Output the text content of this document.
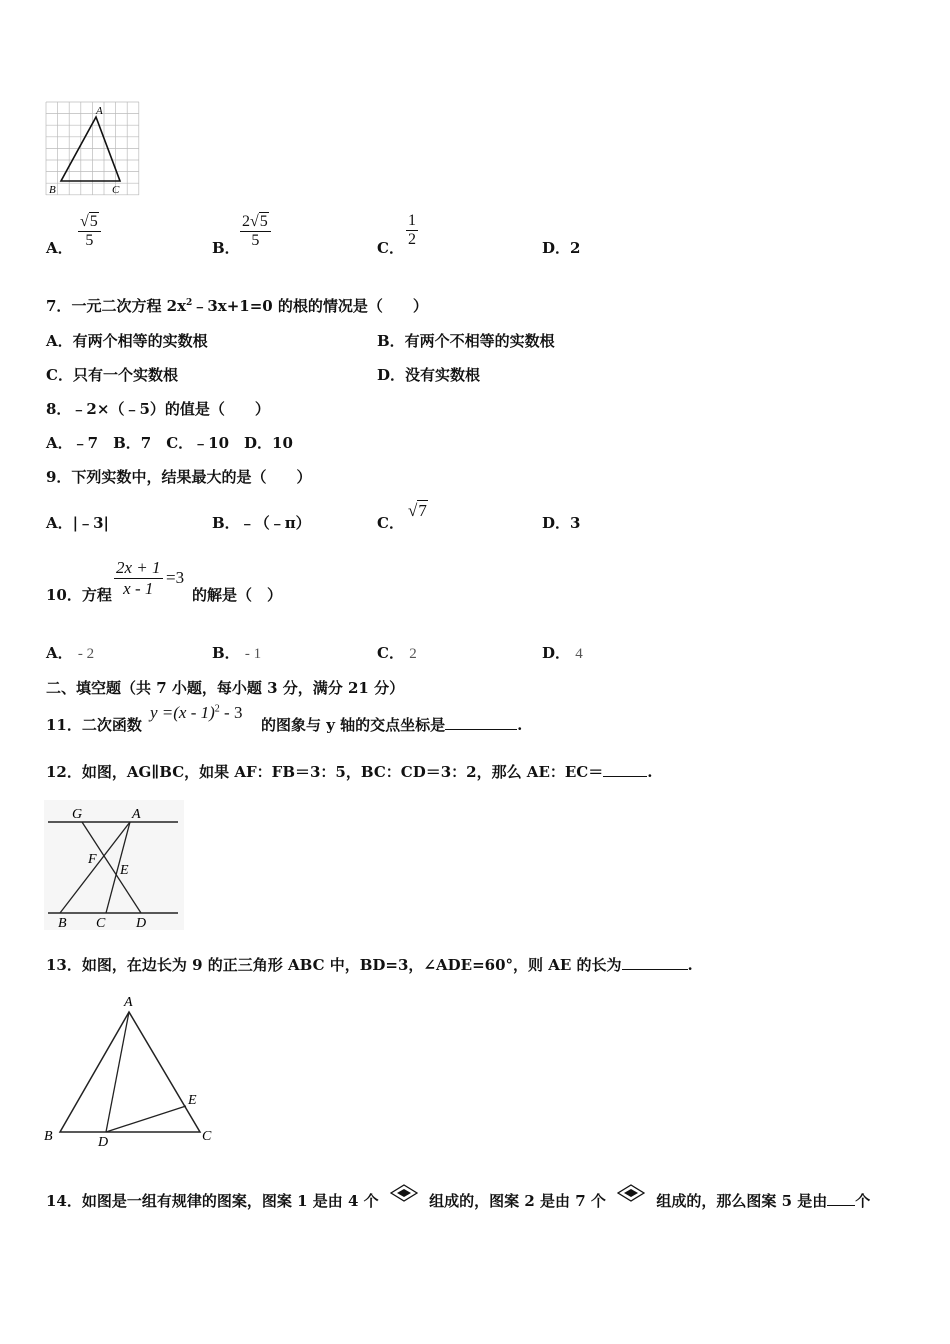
A
B	C
A． $\frac{√5}{5}$	B． $\frac{2√5}{5}$	C． $\frac{1}{2}$	D．2
7．一元二次方程 $2x^2﹣3x+1=0$ 的根的情况是（　　）
A．有两个相等的实数根	B．有两个不相等的实数根
C．只有一个实数根	D．没有实数根
8．﹣2×（﹣5）的值是（　　）
A．﹣7　B．7　C．﹣10　D．10
9．下列实数中，结果最大的是（　　）
A．|﹣3|	B．﹣（﹣π）	C．
√7
D．3
10．方程 $\frac{2x + 1}{x - 1} =3$
的解是（　）
A． - 2	B． - 1	C． 2	D． 4
二、填空题（共 7 小题，每小题 3 分，满分 21 分）
11．二次函数
y =(x - 1)$^2$ - 3
的图象与 y 轴的交点坐标是	.
12．如图，AG∥BC，如果 AF：FB＝3：5，BC：CD＝3：2，那么 AE：EC＝	.
G	A
F
E
B C D
13．如图，在边长为 9 的正三角形 ABC 中，BD=3，∠ADE=60°，则 AE 的长为	.
A
E
B	D	C
14．如图是一组有规律的图案，图案 1 是由 4 个	组成的，图案 2 是由 7 个	组成的，那么图案 5 是由 个
